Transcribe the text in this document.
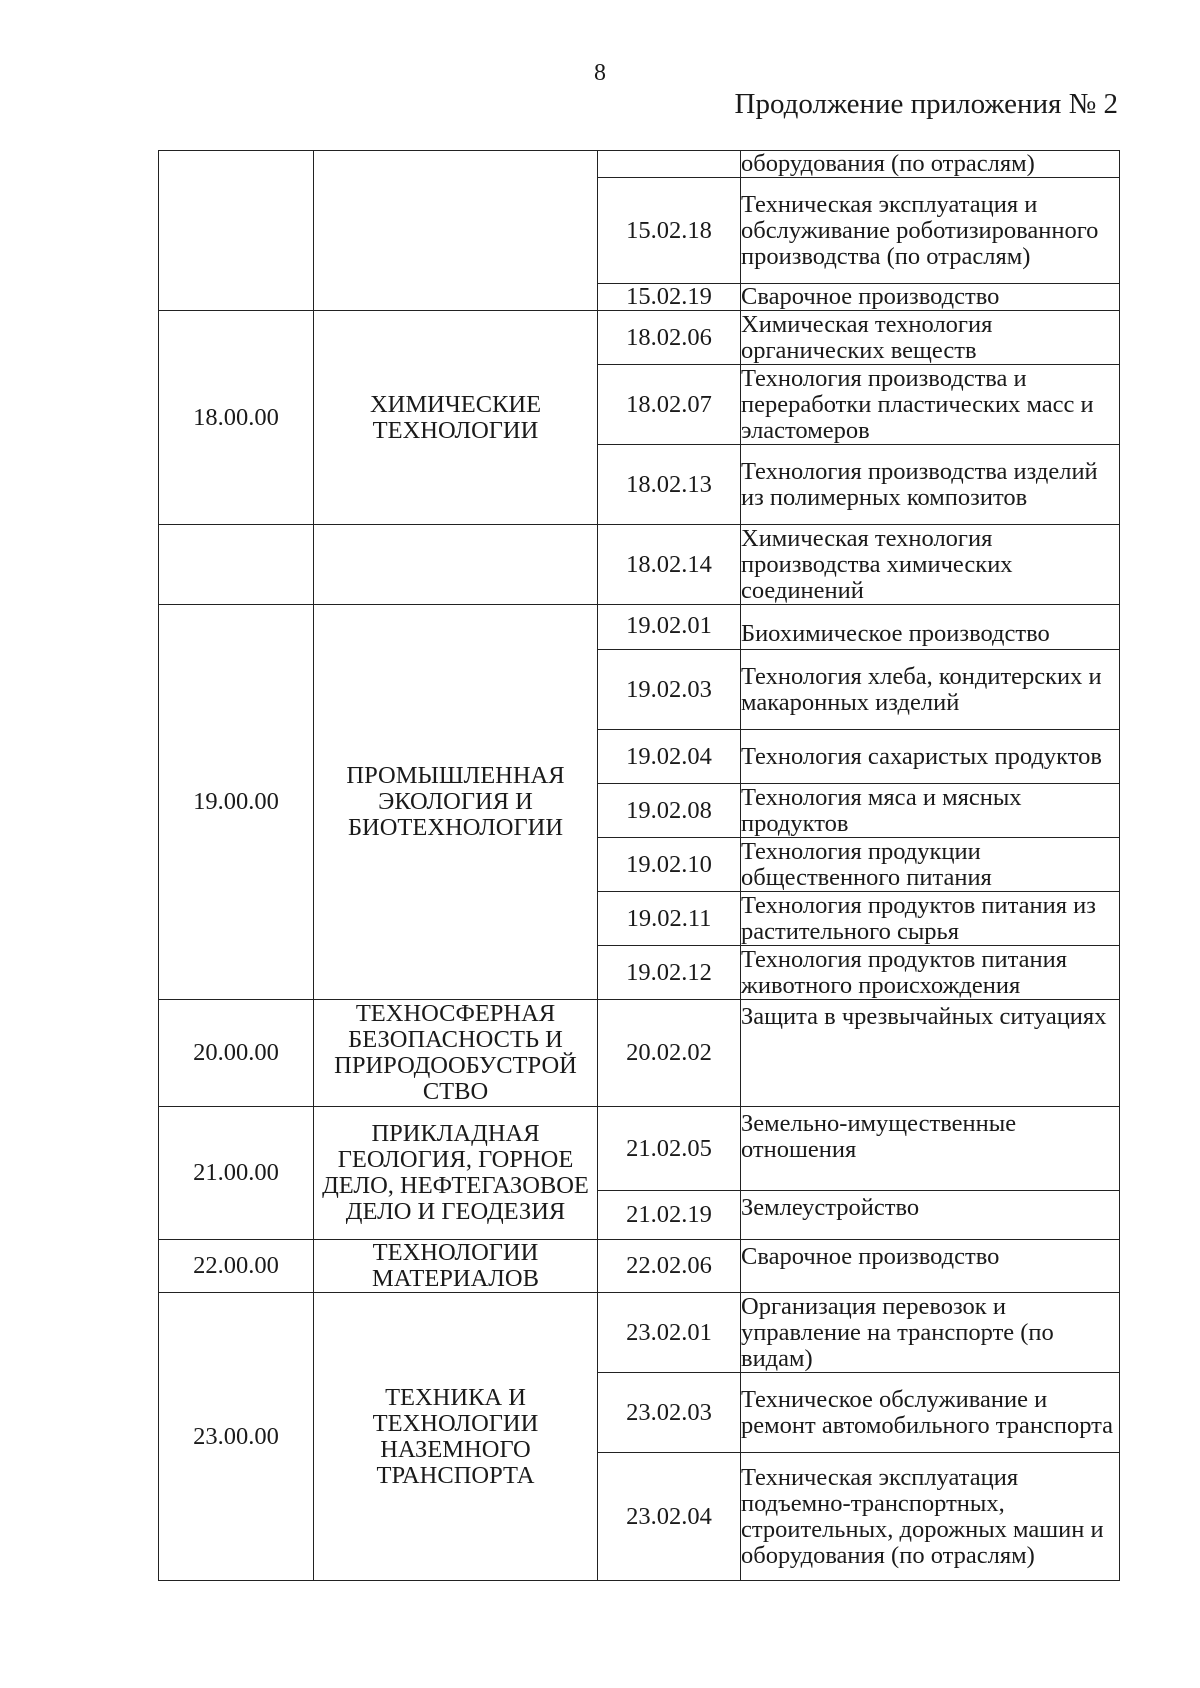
8
Продолжение приложения № 2
			оборудования (по отраслям)
		15.02.18	Техническая эксплуатация и обслуживание роботизированного производства (по отраслям)
		15.02.19	Сварочное производство
18.00.00	ХИМИЧЕСКИЕ ТЕХНОЛОГИИ	18.02.06	Химическая технология органических веществ
		18.02.07	Технология производства и переработки пластических масс и эластомеров
		18.02.13	Технология производства изделий из полимерных композитов
		18.02.14	Химическая технология производства химических соединений
19.00.00	ПРОМЫШЛЕННАЯ ЭКОЛОГИЯ И БИОТЕХНОЛОГИИ	19.02.01	Биохимическое производство
		19.02.03	Технология хлеба, кондитерских и макаронных изделий
		19.02.04	Технология сахаристых продуктов
		19.02.08	Технология мяса и мясных продуктов
		19.02.10	Технология продукции общественного питания
		19.02.11	Технология продуктов питания из растительного сырья
		19.02.12	Технология продуктов питания животного происхождения
20.00.00	ТЕХНОСФЕРНАЯ БЕЗОПАСНОСТЬ И ПРИРОДООБУСТРОЙ СТВО	20.02.02	Защита в чрезвычайных ситуациях
21.00.00	ПРИКЛАДНАЯ ГЕОЛОГИЯ, ГОРНОЕ ДЕЛО, НЕФТЕГАЗОВОЕ ДЕЛО И ГЕОДЕЗИЯ	21.02.05	Земельно-имущественные отношения
		21.02.19	Землеустройство
22.00.00	ТЕХНОЛОГИИ МАТЕРИАЛОВ	22.02.06	Сварочное производство
23.00.00	ТЕХНИКА И ТЕХНОЛОГИИ НАЗЕМНОГО ТРАНСПОРТА	23.02.01	Организация перевозок и управление на транспорте (по видам)
		23.02.03	Техническое обслуживание и ремонт автомобильного транспорта
		23.02.04	Техническая эксплуатация подъемно-транспортных, строительных, дорожных машин и оборудования (по отраслям)
